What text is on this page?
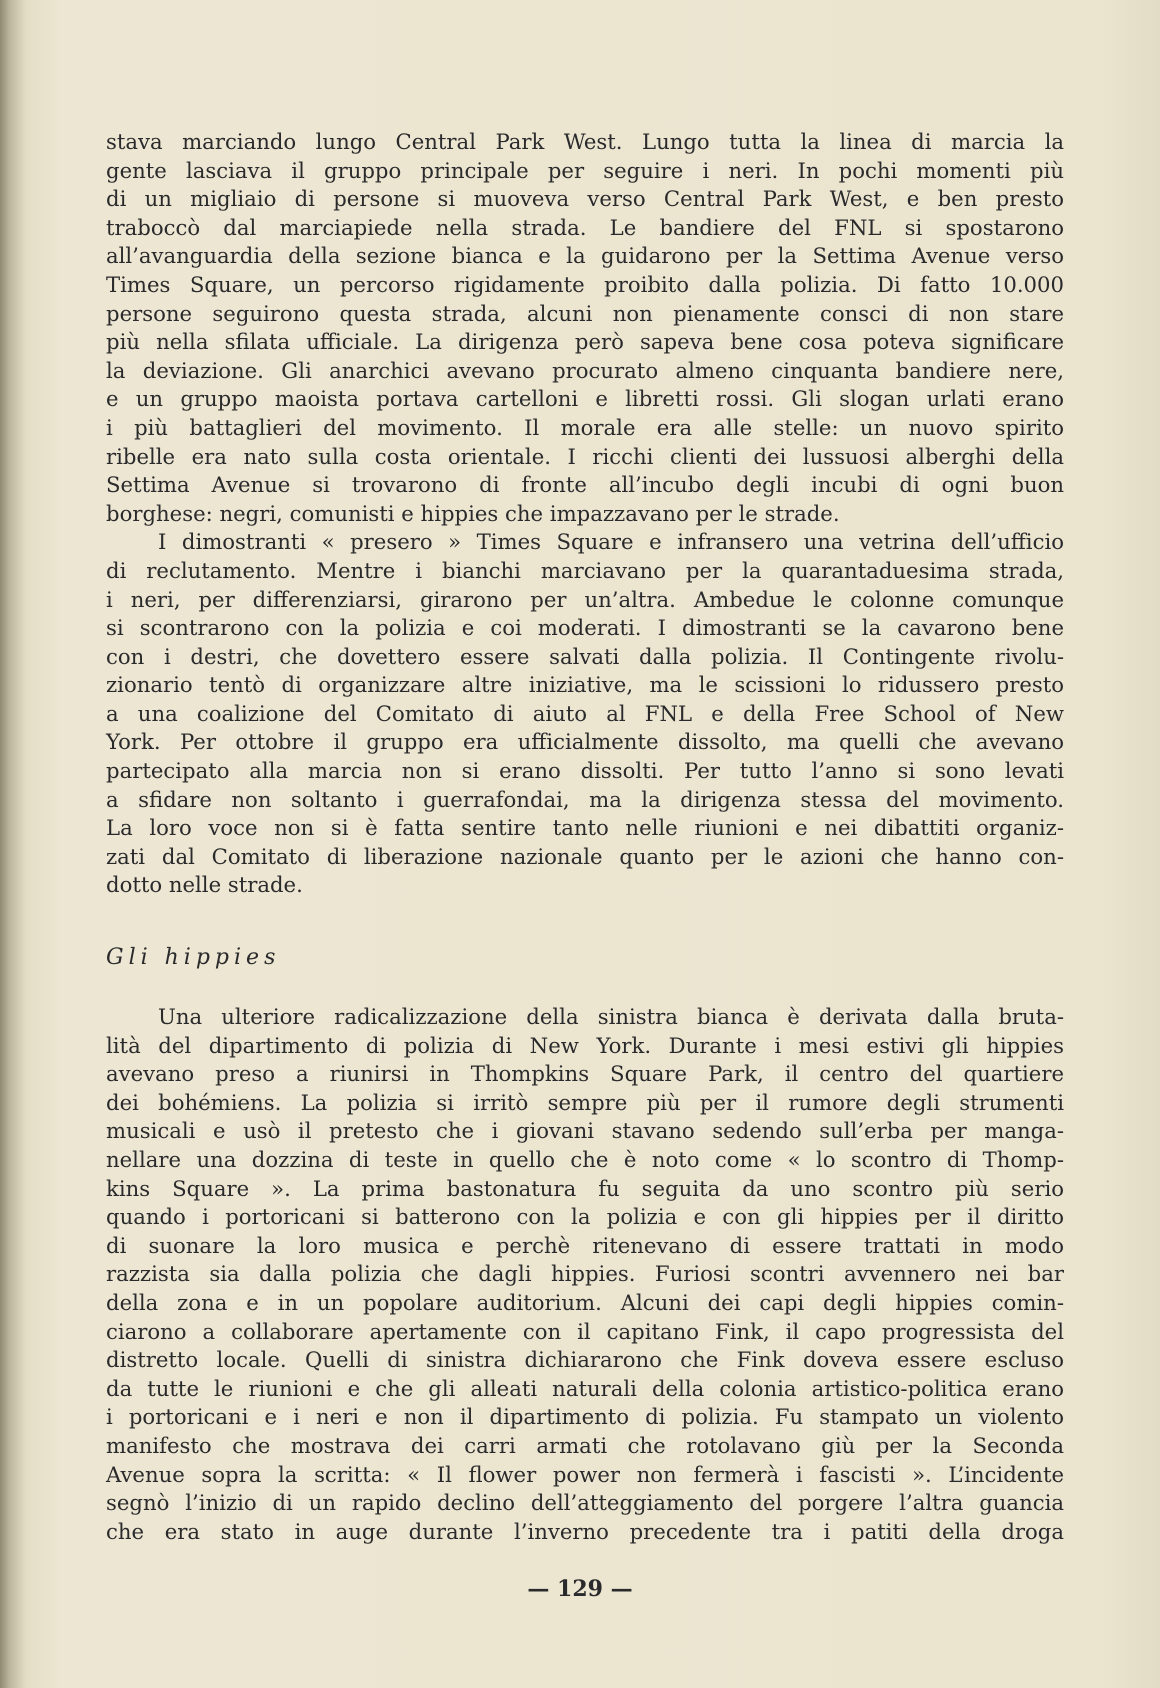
stava marciando lungo Central Park West. Lungo tutta la linea di marcia la
gente lasciava il gruppo principale per seguire i neri. In pochi momenti più
di un migliaio di persone si muoveva verso Central Park West, e ben presto
traboccò dal marciapiede nella strada. Le bandiere del FNL si spostarono
all’avanguardia della sezione bianca e la guidarono per la Settima Avenue verso
Times Square, un percorso rigidamente proibito dalla polizia. Di fatto 10.000
persone seguirono questa strada, alcuni non pienamente consci di non stare
più nella sfilata ufficiale. La dirigenza però sapeva bene cosa poteva significare
la deviazione. Gli anarchici avevano procurato almeno cinquanta bandiere nere,
e un gruppo maoista portava cartelloni e libretti rossi. Gli slogan urlati erano
i più battaglieri del movimento. Il morale era alle stelle: un nuovo spirito
ribelle era nato sulla costa orientale. I ricchi clienti dei lussuosi alberghi della
Settima Avenue si trovarono di fronte all’incubo degli incubi di ogni buon
borghese: negri, comunisti e hippies che impazzavano per le strade.
I dimostranti « presero » Times Square e infransero una vetrina dell’ufficio
di reclutamento. Mentre i bianchi marciavano per la quarantaduesima strada,
i neri, per differenziarsi, girarono per un’altra. Ambedue le colonne comunque
si scontrarono con la polizia e coi moderati. I dimostranti se la cavarono bene
con i destri, che dovettero essere salvati dalla polizia. Il Contingente rivolu-
zionario tentò di organizzare altre iniziative, ma le scissioni lo ridussero presto
a una coalizione del Comitato di aiuto al FNL e della Free School of New
York. Per ottobre il gruppo era ufficialmente dissolto, ma quelli che avevano
partecipato alla marcia non si erano dissolti. Per tutto l’anno si sono levati
a sfidare non soltanto i guerrafondai, ma la dirigenza stessa del movimento.
La loro voce non si è fatta sentire tanto nelle riunioni e nei dibattiti organiz-
zati dal Comitato di liberazione nazionale quanto per le azioni che hanno con-
dotto nelle strade.
Gli hippies
Una ulteriore radicalizzazione della sinistra bianca è derivata dalla bruta-
lità del dipartimento di polizia di New York. Durante i mesi estivi gli hippies
avevano preso a riunirsi in Thompkins Square Park, il centro del quartiere
dei bohémiens. La polizia si irritò sempre più per il rumore degli strumenti
musicali e usò il pretesto che i giovani stavano sedendo sull’erba per manga-
nellare una dozzina di teste in quello che è noto come « lo scontro di Thomp-
kins Square ». La prima bastonatura fu seguita da uno scontro più serio
quando i portoricani si batterono con la polizia e con gli hippies per il diritto
di suonare la loro musica e perchè ritenevano di essere trattati in modo
razzista sia dalla polizia che dagli hippies. Furiosi scontri avvennero nei bar
della zona e in un popolare auditorium. Alcuni dei capi degli hippies comin-
ciarono a collaborare apertamente con il capitano Fink, il capo progressista del
distretto locale. Quelli di sinistra dichiararono che Fink doveva essere escluso
da tutte le riunioni e che gli alleati naturali della colonia artistico-politica erano
i portoricani e i neri e non il dipartimento di polizia. Fu stampato un violento
manifesto che mostrava dei carri armati che rotolavano giù per la Seconda
Avenue sopra la scritta: « Il flower power non fermerà i fascisti ». L’incidente
segnò l’inizio di un rapido declino dell’atteggiamento del porgere l’altra guancia
che era stato in auge durante l’inverno precedente tra i patiti della droga
— 129 —
